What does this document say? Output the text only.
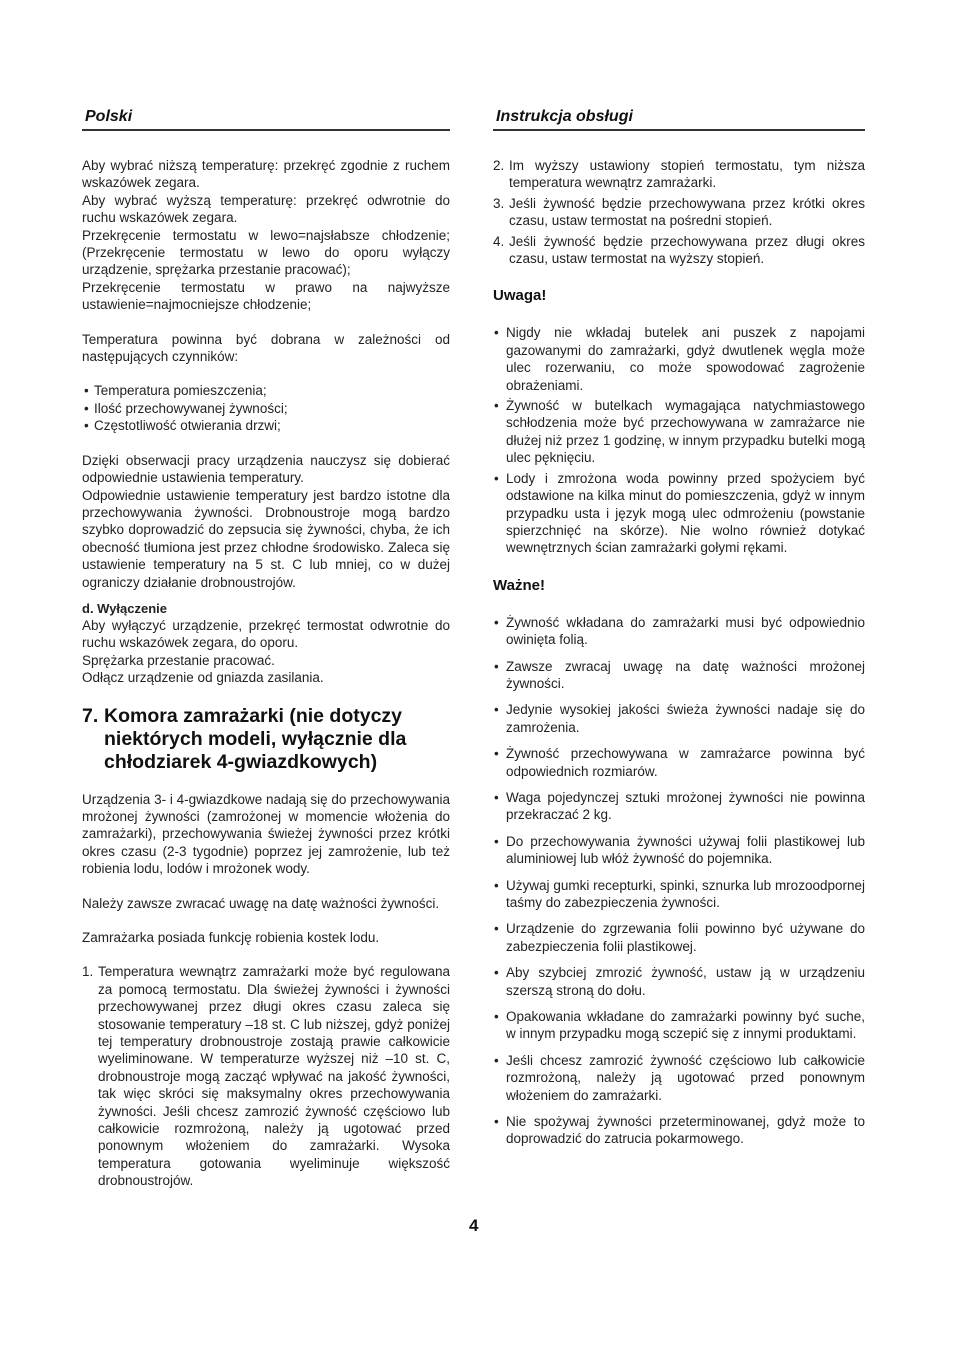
Polski

Aby wybrać niższą temperaturę: przekręć zgodnie z ruchem wskazówek zegara.

Aby wybrać wyższą temperaturę: przekręć odwrotnie do ruchu wskazówek zegara.

Przekręcenie termostatu w lewo=najsłabsze chłodzenie; (Przekręcenie termostatu w lewo do oporu wyłączy urządzenie, sprężarka przestanie pracować);

Przekręcenie termostatu w prawo na najwyższe ustawienie=najmocniejsze chłodzenie;

Temperatura powinna być dobrana w zależności od następujących czynników:

• Temperatura pomieszczenia;
• Ilość przechowywanej żywności;
• Częstotliwość otwierania drzwi;

Dzięki obserwacji pracy urządzenia nauczysz się dobierać odpowiednie ustawienia temperatury.

Odpowiednie ustawienie temperatury jest bardzo istotne dla przechowywania żywności. Drobnoustroje mogą bardzo szybko doprowadzić do zepsucia się żywności, chyba, że ich obecność tłumiona jest przez chłodne środowisko. Zaleca się ustawienie temperatury na 5 st. C lub mniej, co w dużej ograniczy działanie drobnoustrojów.

d. Wyłączenie

Aby wyłączyć urządzenie, przekręć termostat odwrotnie do ruchu wskazówek zegara, do oporu.

Sprężarka przestanie pracować.

Odłącz urządzenie od gniazda zasilania.

7. Komora zamrażarki (nie dotyczy
niektórych modeli, wyłącznie dla
chłodziarek 4-gwiazdkowych)

Urządzenia 3- i 4-gwiazdkowe nadają się do przechowywania mrożonej żywności (zamrożonej w momencie włożenia do zamrażarki), przechowywania świeżej żywności przez krótki okres czasu (2-3 tygodnie) poprzez jej zamrożenie, lub też robienia lodu, lodów i mrożonek wody.

Należy zawsze zwracać uwagę na datę ważności żywności.

Zamrażarka posiada funkcję robienia kostek lodu.

1. Temperatura wewnątrz zamrażarki może być regulowana za pomocą termostatu. Dla świeżej żywności i żywności przechowywanej przez długi okres czasu zaleca się stosowanie temperatury –18 st. C lub niższej, gdyż poniżej tej temperatury drobnoustroje zostają prawie całkowicie wyeliminowane. W temperaturze wyższej niż –10 st. C, drobnoustroje mogą zacząć wpływać na jakość żywności, tak więc skróci się maksymalny okres przechowywania żywności. Jeśli chcesz zamrozić żywność częściowo lub całkowicie rozmrożoną, należy ją ugotować przed ponownym włożeniem do zamrażarki. Wysoka temperatura gotowania wyeliminuje większość drobnoustrojów.
Instrukcja obsługi
2. Im wyższy ustawiony stopień termostatu, tym niższa temperatura wewnątrz zamrażarki.
3. Jeśli żywność będzie przechowywana przez krótki okres czasu, ustaw termostat na pośredni stopień.
4. Jeśli żywność będzie przechowywana przez długi okres czasu, ustaw termostat na wyższy stopień.
Uwaga!
• Nigdy nie wkładaj butelek ani puszek z napojami gazowanymi do zamrażarki, gdyż dwutlenek węgla może ulec rozerwaniu, co może spowodować zagrożenie obrażeniami.
• Żywność w butelkach wymagająca natychmiastowego schłodzenia może być przechowywana w zamrażarce nie dłużej niż przez 1 godzinę, w innym przypadku butelki mogą ulec pęknięciu.
• Lody i zmrożona woda powinny przed spożyciem być odstawione na kilka minut do pomieszczenia, gdyż w innym przypadku usta i język mogą ulec odmrożeniu (powstanie spierzchnięć na skórze). Nie wolno również dotykać wewnętrznych ścian zamrażarki gołymi rękami.
Ważne!
• Żywność wkładana do zamrażarki musi być odpowiednio owinięta folią.
• Zawsze zwracaj uwagę na datę ważności mrożonej żywności.
• Jedynie wysokiej jakości świeża żywności nadaje się do zamrożenia.
• Żywność przechowywana w zamrażarce powinna być odpowiednich rozmiarów.
• Waga pojedynczej sztuki mrożonej żywności nie powinna przekraczać 2 kg.
• Do przechowywania żywności używaj folii plastikowej lub aluminiowej lub włóż żywność do pojemnika.
• Używaj gumki recepturki, spinki, sznurka lub mrozoodpornej taśmy do zabezpieczenia żywności.
• Urządzenie do zgrzewania folii powinno być używane do zabezpieczenia folii plastikowej.
• Aby szybciej zmrozić żywność, ustaw ją w urządzeniu szerszą stroną do dołu.
• Opakowania wkładane do zamrażarki powinny być suche, w innym przypadku mogą sczepić się z innymi produktami.
• Jeśli chcesz zamrozić żywność częściowo lub całkowicie rozmrożoną, należy ją ugotować przed ponownym włożeniem do zamrażarki.
• Nie spożywaj żywności przeterminowanej, gdyż może to doprowadzić do zatrucia pokarmowego.
4
